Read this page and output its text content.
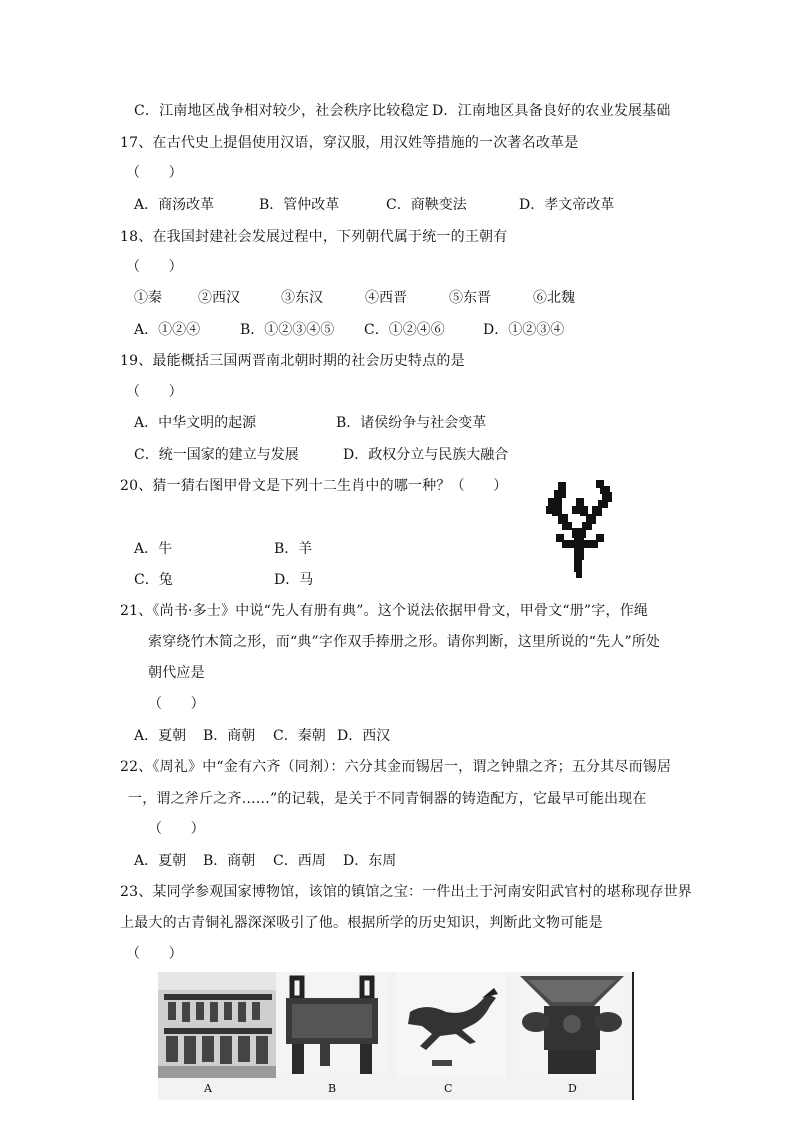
C．江南地区战争相对较少，社会秩序比较稳定 D．江南地区具备良好的农业发展基础
17、在古代史上提倡使用汉语，穿汉服，用汉姓等措施的一次著名改革是
（　　）
A．商汤改革	B．管仲改革	C．商鞅变法	D．孝文帝改革
18、在我国封建社会发展过程中，下列朝代属于统一的王朝有
（　　）
①秦	②西汉	③东汉	④西晋	⑤东晋	⑥北魏
A．①②④	B．①②③④⑤ C．①②④⑥	D．①②③④
19、最能概括三国两晋南北朝时期的社会历史特点的是
（　　）
A．中华文明的起源	B．诸侯纷争与社会变革
C．统一国家的建立与发展	D．政权分立与民族大融合
20、猜一猜右图甲骨文是下列十二生肖中的哪一种？（　　）
A．牛	B．羊
C．兔	D．马
21、《尚书·多士》中说“先人有册有典”。这个说法依据甲骨文，甲骨文“册”字，作绳
索穿绕竹木简之形，而“典”字作双手捧册之形。请你判断，这里所说的“先人”所处
朝代应是
（　　）
A．夏朝 B．商朝 C．秦朝 D．西汉
22、《周礼》中“金有六齐（同剂）：六分其金而锡居一，谓之钟鼎之齐；五分其尽而锡居
一，谓之斧斤之齐……”的记载，是关于不同青铜器的铸造配方，它最早可能出现在
（　　）
A．夏朝 B．商朝 C．西周 D．东周
23、某同学参观国家博物馆，该馆的镇馆之宝：一件出土于河南安阳武官村的堪称现存世界
上最大的古青铜礼器深深吸引了他。根据所学的历史知识，判断此文物可能是
（　　）
A	B	C	D
